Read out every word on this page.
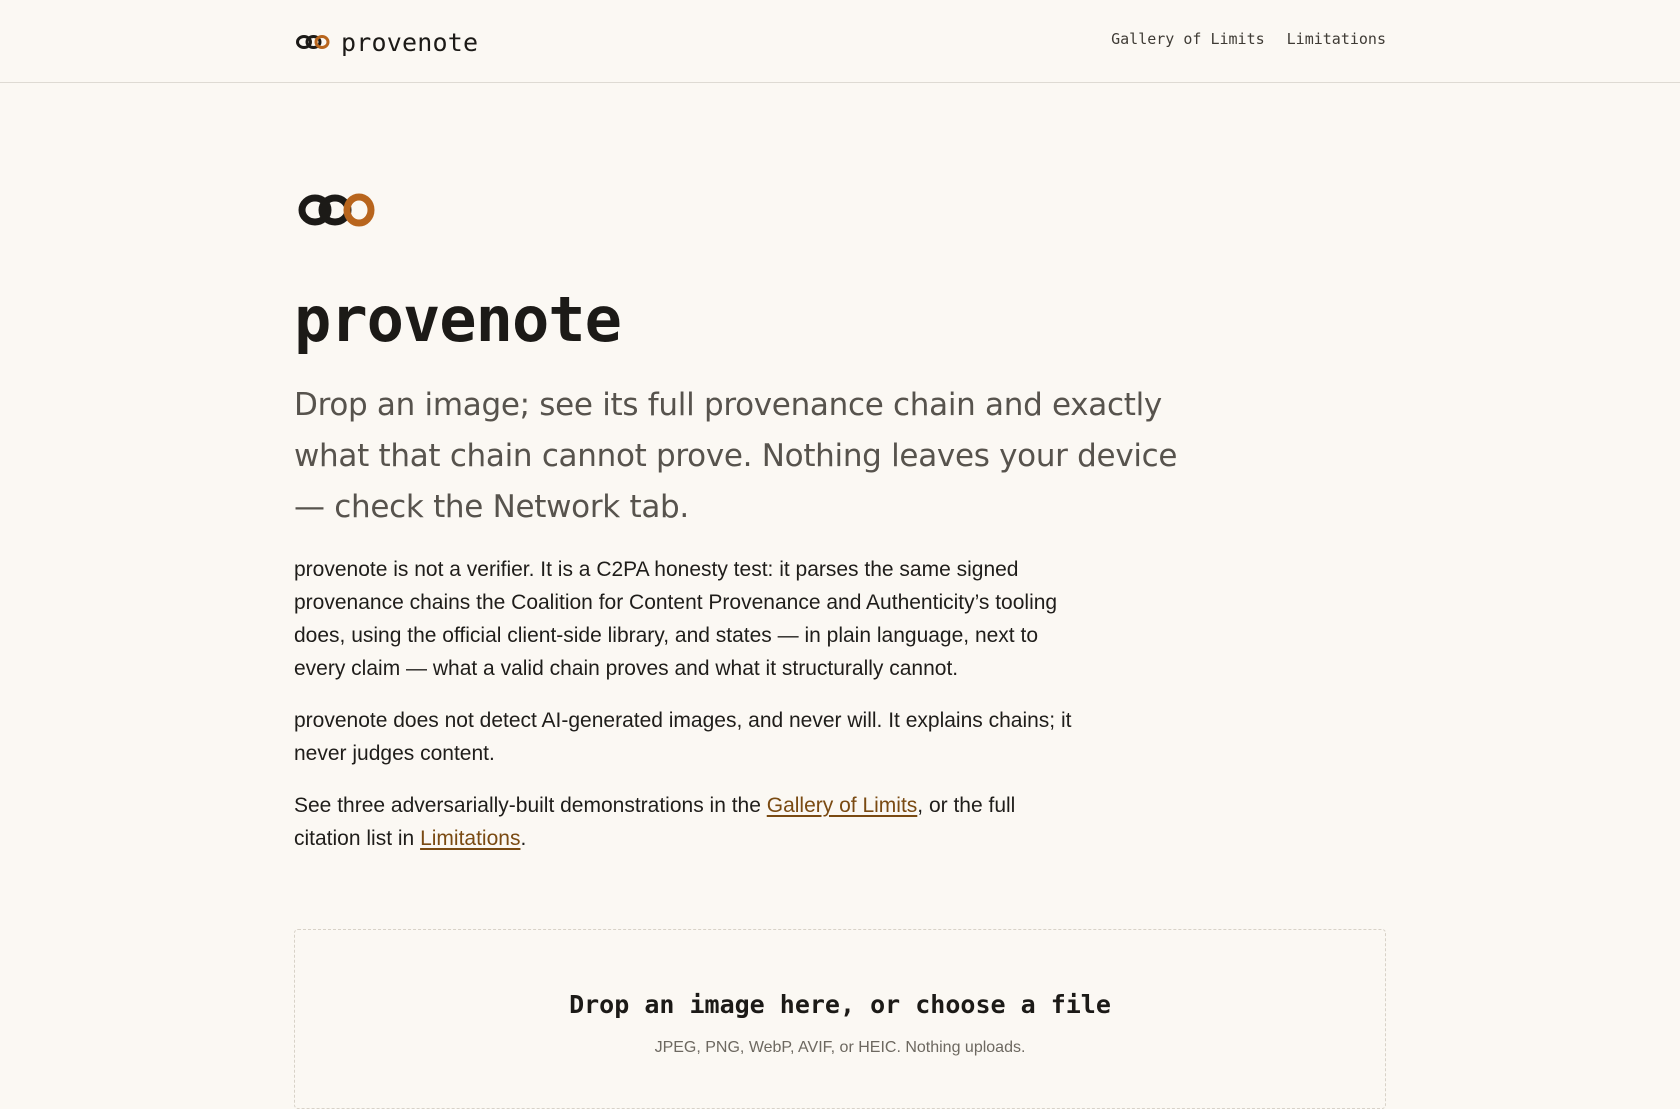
provenote	Gallery of Limits Limitations
provenote

Drop an image; see its full provenance chain and exactly what that chain cannot prove. Nothing leaves your device — check the Network tab.

provenote is not a verifier. It is a C2PA honesty test: it parses the same signed provenance chains the Coalition for Content Provenance and Authenticity’s tooling does, using the official client-side library, and states — in plain language, next to every claim — what a valid chain proves and what it structurally cannot.

provenote does not detect AI-generated images, and never will. It explains chains; it never judges content.

See three adversarially-built demonstrations in the Gallery of Limits, or the full citation list in Limitations.

Drop an image here, or choose a file
JPEG, PNG, WebP, AVIF, or HEIC. Nothing uploads.
